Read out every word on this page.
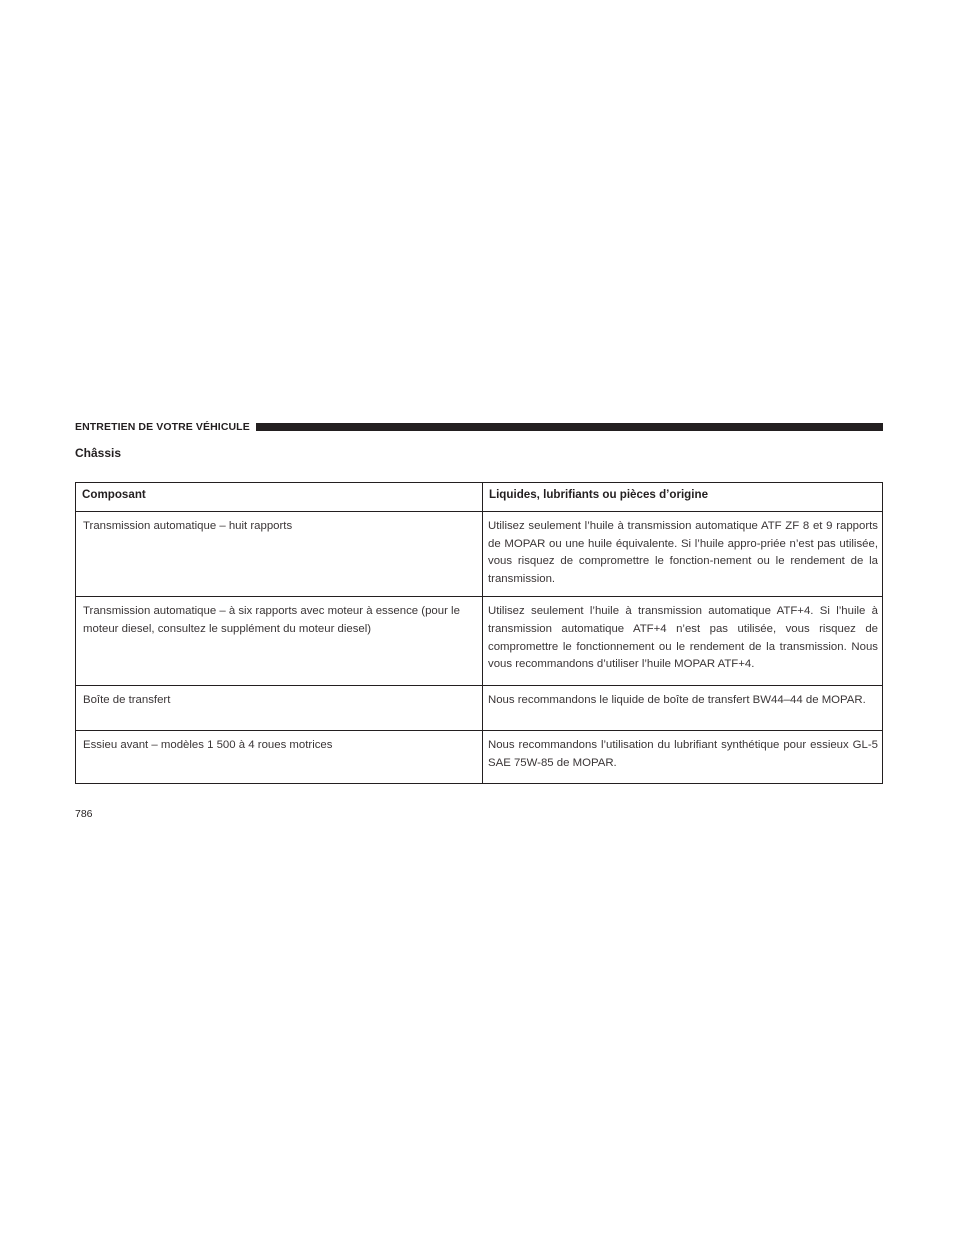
ENTRETIEN DE VOTRE VÉHICULE
Châssis
Composant	Liquides, lubrifiants ou pièces d’origine
Transmission automatique – huit rapports	Utilisez seulement l’huile à transmission automatique ATF ZF 8 et 9 rapports de MOPAR ou une huile équivalente. Si l’huile appro-priée n’est pas utilisée, vous risquez de compromettre le fonction-nement ou le rendement de la transmission.
Transmission automatique – à six rapports avec moteur à essence (pour le moteur diesel, consultez le supplément du moteur diesel)	Utilisez seulement l’huile à transmission automatique ATF+4. Si l’huile à transmission automatique ATF+4 n’est pas utilisée, vous risquez de compromettre le fonctionnement ou le rendement de la transmission. Nous vous recommandons d’utiliser l’huile MOPAR ATF+4.
Boîte de transfert	Nous recommandons le liquide de boîte de transfert BW44–44 de MOPAR.
Essieu avant – modèles 1 500 à 4 roues motrices	Nous recommandons l’utilisation du lubrifiant synthétique pour essieux GL-5 SAE 75W-85 de MOPAR.
786
